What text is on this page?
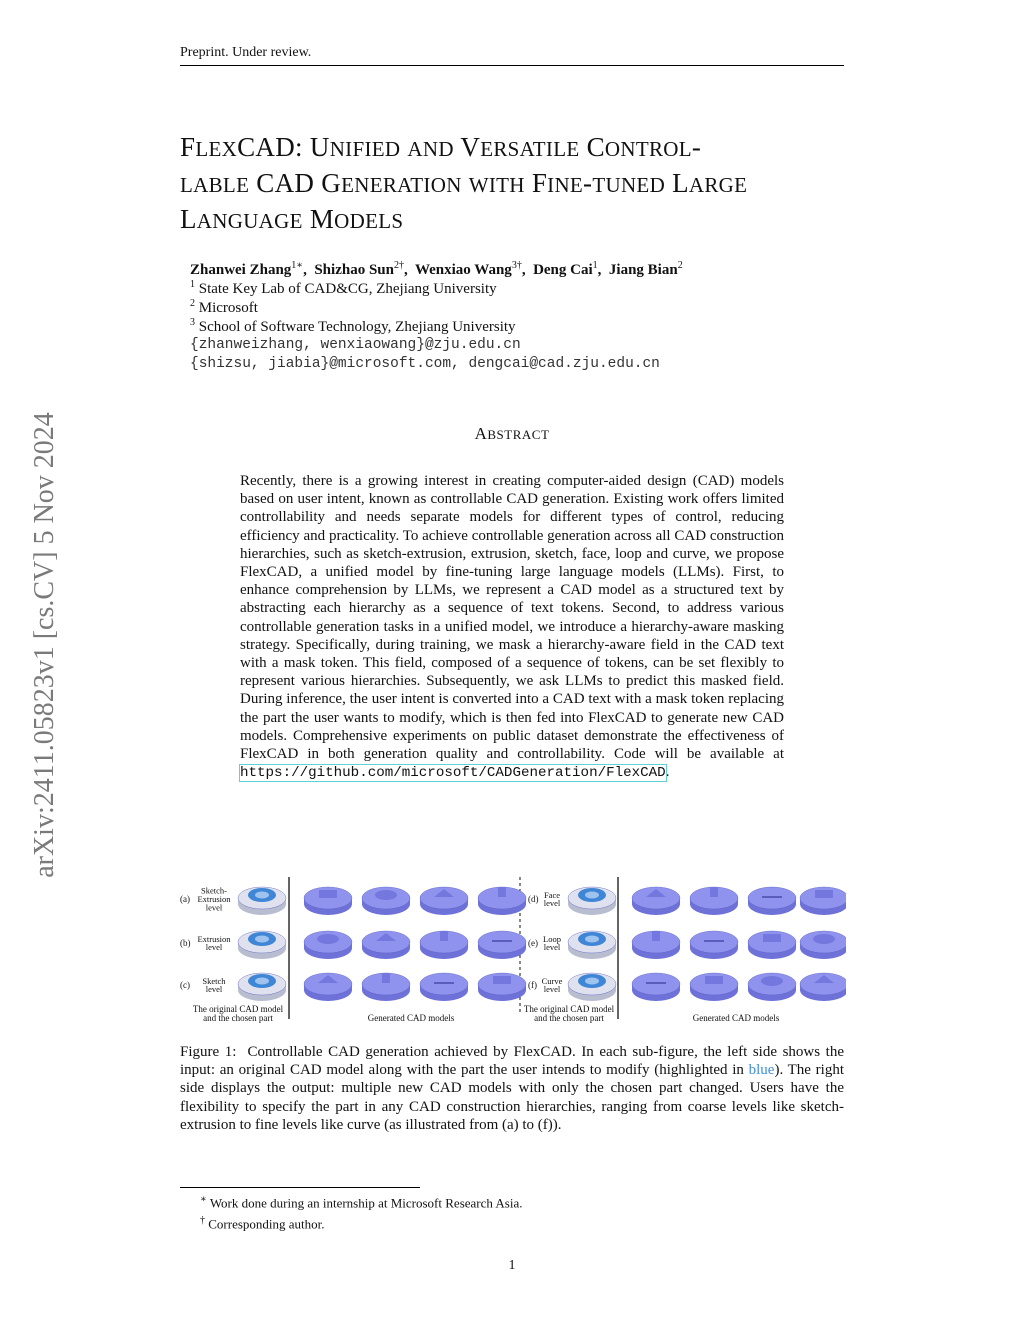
Preprint. Under review.
arXiv:2411.05823v1 [cs.CV] 5 Nov 2024
FLEXCAD: UNIFIED AND VERSATILE CONTROL-
LABLE CAD GENERATION WITH FINE-TUNED LARGE
LANGUAGE MODELS
Zhanwei Zhang$^{1∗}$,  Shizhao Sun$^{2\dagger}$,  Wenxiao Wang$^{3\dagger}$,  Deng Cai$^1$,  Jiang Bian$^2$
$^1$ State Key Lab of CAD&CG, Zhejiang University
$^2$ Microsoft
$^3$ School of Software Technology, Zhejiang University
{zhanweizhang, wenxiaowang}@zju.edu.cn
{shizsu, jiabia}@microsoft.com, dengcai@cad.zju.edu.cn
ABSTRACT
Recently, there is a growing interest in creating computer-aided design (CAD) models based on user intent, known as controllable CAD generation. Existing work offers limited controllability and needs separate models for different types of control, reducing efficiency and practicality. To achieve controllable generation across all CAD construction hierarchies, such as sketch-extrusion, extrusion, sketch, face, loop and curve, we propose FlexCAD, a unified model by fine-tuning large language models (LLMs). First, to enhance comprehension by LLMs, we represent a CAD model as a structured text by abstracting each hierarchy as a sequence of text tokens. Second, to address various controllable generation tasks in a unified model, we introduce a hierarchy-aware masking strategy. Specifically, during training, we mask a hierarchy-aware field in the CAD text with a mask token. This field, composed of a sequence of tokens, can be set flexibly to represent various hierarchies. Subsequently, we ask LLMs to predict this masked field. During inference, the user intent is converted into a CAD text with a mask token replacing the part the user wants to modify, which is then fed into FlexCAD to generate new CAD models. Comprehensive experiments on public dataset demonstrate the effectiveness of FlexCAD in both generation quality and controllability. Code will be available at https://github.com/microsoft/CADGeneration/FlexCAD.
(a)
Sketch-
Extrusion
level
(b) Extrusion
level
(c) Sketch
level
(d) Face
level
(e) Loop
level
(f) Curve
level
The original CAD model
and the chosen part	Generated CAD models
The original CAD model
and the chosen part	Generated CAD models
Figure 1: Controllable CAD generation achieved by FlexCAD. In each sub-figure, the left side shows the input: an original CAD model along with the part the user intends to modify (highlighted in blue). The right side displays the output: multiple new CAD models with only the chosen part changed. Users have the flexibility to specify the part in any CAD construction hierarchies, ranging from coarse levels like sketch-extrusion to fine levels like curve (as illustrated from (a) to (f)).
∗ Work done during an internship at Microsoft Research Asia.
† Corresponding author.
1
